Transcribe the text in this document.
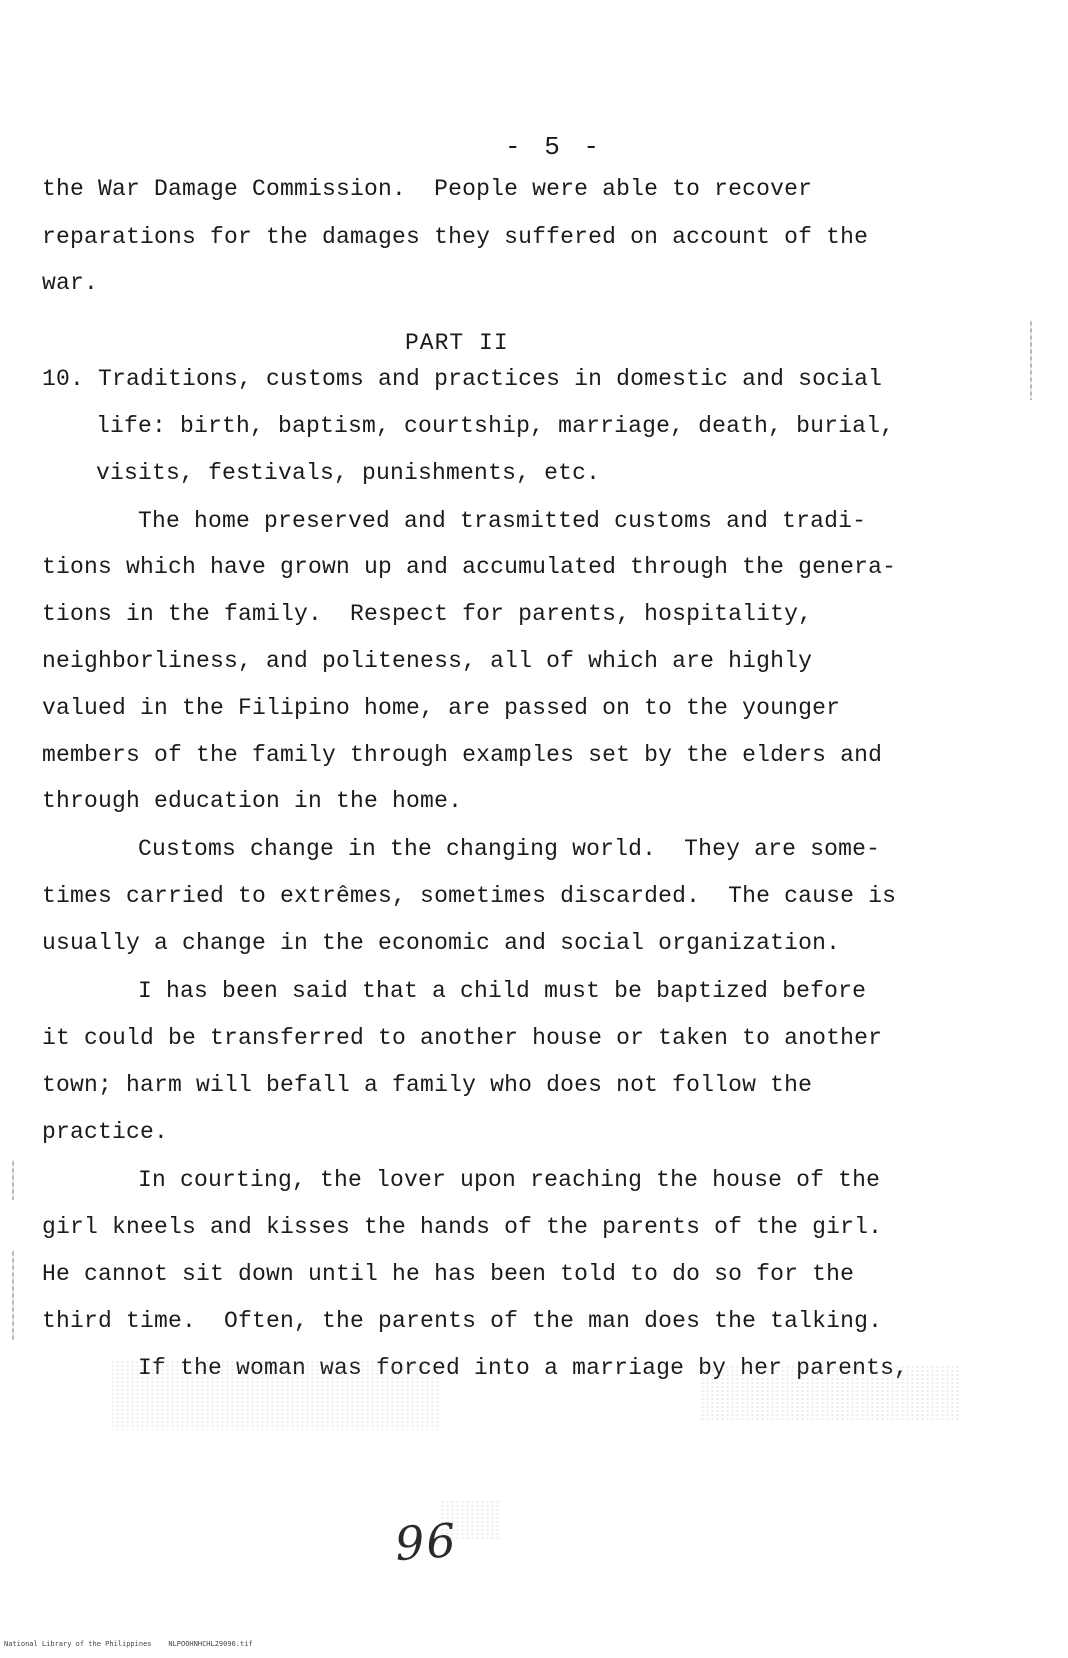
- 5 -
the War Damage Commission.  People were able to recover
reparations for the damages they suffered on account of the
war.
PART II
10. Traditions, customs and practices in domestic and social
life: birth, baptism, courtship, marriage, death, burial,
visits, festivals, punishments, etc.
The home preserved and trasmitted customs and tradi-
tions which have grown up and accumulated through the genera-
tions in the family.  Respect for parents, hospitality,
neighborliness, and politeness, all of which are highly
valued in the Filipino home, are passed on to the younger
members of the family through examples set by the elders and
through education in the home.
Customs change in the changing world.  They are some-
times carried to extrêmes, sometimes discarded.  The cause is
usually a change in the economic and social organization.
I has been said that a child must be baptized before
it could be transferred to another house or taken to another
town; harm will befall a family who does not follow the
practice.
In courting, the lover upon reaching the house of the
girl kneels and kisses the hands of the parents of the girl.
He cannot sit down until he has been told to do so for the
third time.  Often, the parents of the man does the talking.
If the woman was forced into a marriage by her parents,
96
National Library of the Philippines    NLPOOHNHCHL29096.tif
